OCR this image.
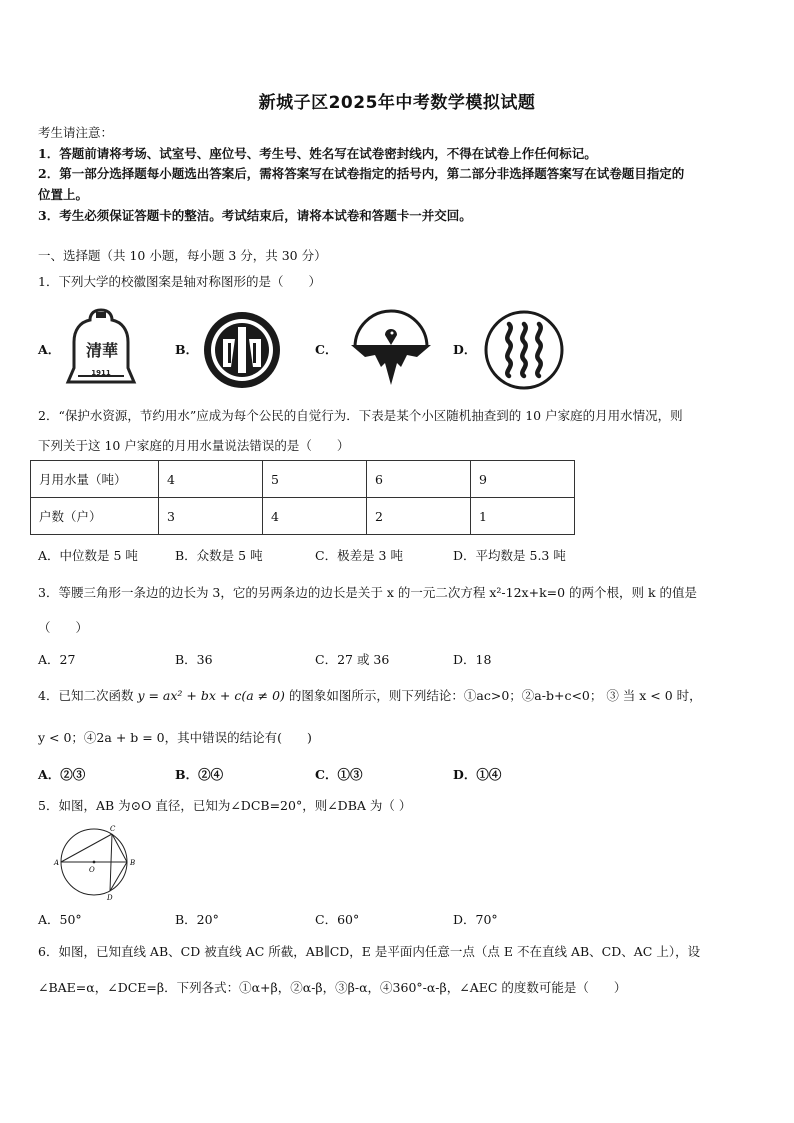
新城子区2025年中考数学模拟试题
考生请注意：
1．答题前请将考场、试室号、座位号、考生号、姓名写在试卷密封线内，不得在试卷上作任何标记。
2．第一部分选择题每小题选出答案后，需将答案写在试卷指定的括号内，第二部分非选择题答案写在试卷题目指定的
位置上。
3．考生必须保证答题卡的整洁。考试结束后，请将本试卷和答题卡一并交回。
一、选择题（共 10 小题，每小题 3 分，共 30 分）
1．下列大学的校徽图案是轴对称图形的是（　　）
A．	B．	C．	D．
清 華
1911
2．“保护水资源，节约用水”应成为每个公民的自觉行为．下表是某个小区随机抽查到的 10 户家庭的月用水情况，则
下列关于这 10 户家庭的月用水量说法错误的是（　　）
月用水量（吨）	4	5	6	9
户数（户）	3	4	2	1
A．中位数是 5 吨	B．众数是 5 吨	C．极差是 3 吨	D．平均数是 5.3 吨
3．等腰三角形一条边的边长为 3，它的另两条边的边长是关于 x 的一元二次方程 x²-12x+k=0 的两个根，则 k 的值是
（　　）
A．27	B．36	C．27 或 36	D．18
4．已知二次函数 y = ax² + bx + c(a ≠ 0) 的图象如图所示，则下列结论：①ac>0；②a-b+c<0； ③ 当 x < 0 时，
y < 0；④2a + b = 0，其中错误的结论有(　　)
A．②③	B．②④	C．①③	D．①④
5．如图，AB 为⊙O 直径，已知为∠DCB=20°，则∠DBA 为（ ）
A	B
C
D
O
A．50°	B．20°	C．60°	D．70°
6．如图，已知直线 AB、CD 被直线 AC 所截，AB∥CD，E 是平面内任意一点（点 E 不在直线 AB、CD、AC 上），设
∠BAE=α，∠DCE=β．下列各式：①α+β，②α-β，③β-α，④360°-α-β，∠AEC 的度数可能是（　　）
